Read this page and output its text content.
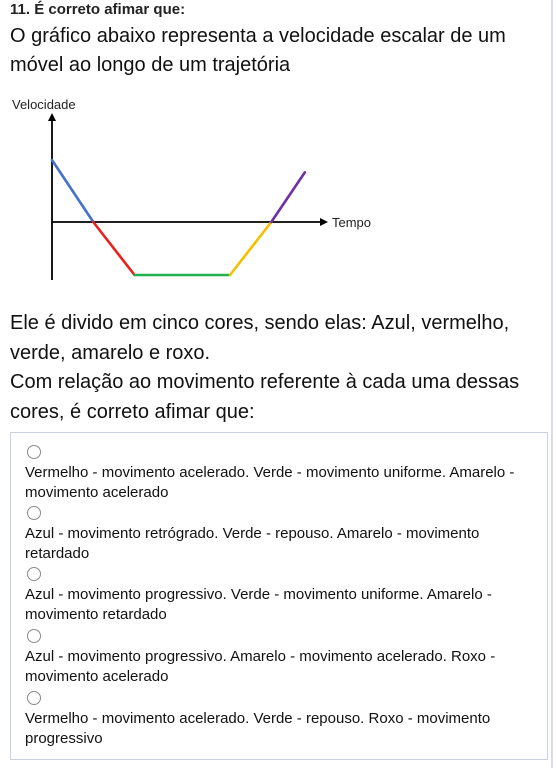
11. É correto afimar que:
O gráfico abaixo representa a velocidade escalar de um móvel ao longo de um trajetória
Velocidade
Tempo
Ele é divido em cinco cores, sendo elas: Azul, vermelho, verde, amarelo e roxo.
Com relação ao movimento referente à cada uma dessas cores, é correto afimar que:
Vermelho - movimento acelerado. Verde - movimento uniforme. Amarelo - movimento acelerado
Azul - movimento retrógrado. Verde - repouso. Amarelo - movimento retardado
Azul - movimento progressivo. Verde - movimento uniforme. Amarelo - movimento retardado
Azul - movimento progressivo. Amarelo - movimento acelerado. Roxo - movimento acelerado
Vermelho - movimento acelerado. Verde - repouso. Roxo - movimento progressivo
